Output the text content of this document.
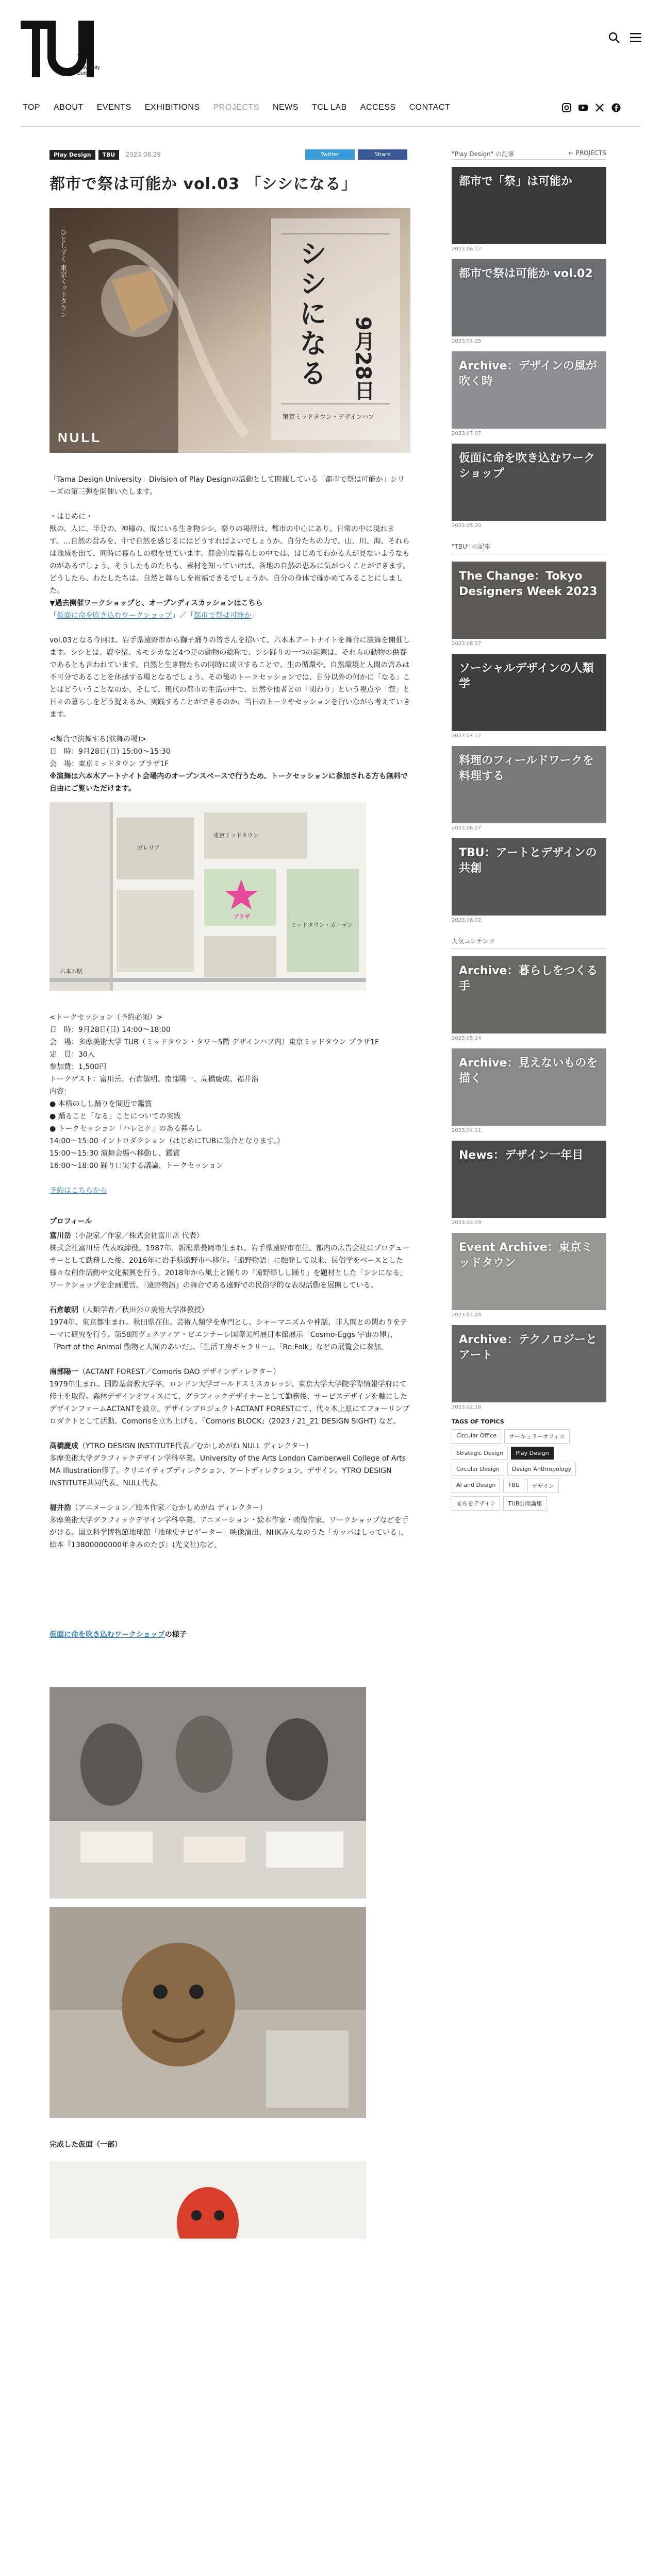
Tama
Design
University
Bureau
TOP ABOUT EVENTS EXHIBITIONS PROJECTS NEWS TCL LAB ACCESS CONTACT
Play Design	TBU	2023.08.29	Twitter	Share
都市で祭は可能か vol.03 「シシになる」
シシになる 9月28日
ひとしずく 東京ミッドタウン
NULL
東京ミッドタウン・デザインハブ

「Tama Design University」Division of Play Designの活動として開催している「都市で祭は可能か」シリーズの第三弾を開催いたします。

・はじめに・

獣の、人に、半分の、神様の、間にいる生き物シシ。祭りの場所は、都市の中心にあり、日常の中に現れます。…自然の営みを、中で自然を感じるにはどうすればよいでしょうか。自分たちの力で、山、川、海、それらは地域を出て、同時に暮らしの根を見ています。都会的な暮らしの中では、はじめてわかる人が見ないようなものがあるでしょう。そうしたものたちも、素材を知っていけば、各地の自然の恵みに気がつくことができます。どうしたら、わたしたちは、自然と暮らしを祝福できるでしょうか。自分の身体で確かめてみることにしました。

▼過去開催ワークショップと、オープンディスカッションはこちら

「仮面に命を吹き込むワークショップ」／「都市で祭は可能か」

vol.03となる今回は、岩手県遠野市から獅子踊りの皆さんを招いて、六本木アートナイトを舞台に演舞を開催します。シシとは、鹿や猪、カモシカなど4つ足の動物の総称で、シシ踊りの一つの起源は、それらの動物の供養であるとも言われています。自然と生き物たちの同時に成立することで、生の循環や、自然環境と人間の営みは不可分であることを体感する場となるでしょう。その後のトークセッションでは、自分以外の何かに「なる」ことはどういうことなのか、そして、現代の都市の生活の中で、自然や他者との「関わり」という視点や「祭」と日々の暮らしをどう捉えるか、実践することができるのか、当日のトークやセッションを行いながら考えていきます。

<舞台で演舞する(演舞の場)>

日　時：9月28日(日) 15:00〜15:30

会　場：東京ミッドタウン プラザ1F

※演舞は六本木アートナイト会場内のオープンスペースで行うため、トークセッションに参加される方も無料で自由にご覧いただけます。

東京ミッドタウン
ミッドタウン・ガーデン
プラザ
ガレリア
六本木駅

<トークセッション（予約必須）>

日　時：9月28日(日) 14:00〜18:00

会　場：多摩美術大学 TUB（ミッドタウン・タワー5階 デザインハブ内）東京ミッドタウン プラザ1F

定　員：30人

参加費：1,500円

トークゲスト：富川岳、石倉敏明、南部陽一、高橋慶成、福井浩

内容：

● 本格のしし踊りを間近で鑑賞

● 踊ること「なる」ことについての実践

● トークセッション「ハレとケ」のある暮らし

14:00〜15:00 イントロダクション（はじめにTUBに集合となります。）

15:00〜15:30 演舞会場へ移動し、鑑賞

16:00〜18:00 踊り口実する議論、トークセッション

予約はこちらから

プロフィール

富川岳（小説家／作家／株式会社富川岳 代表）

株式会社富川岳 代表取締役。1987年、新潟県長岡市生まれ。岩手県遠野市在住。都内の広告会社にプロデューサーとして勤務した後、2016年に岩手県遠野市へ移住。「遠野物語」に触発して以来、民俗学をベースとした様々な創作活動や文化振興を行う。2018年から風土と踊りの「遠野郷しし踊り」を題材とした「シシになる」ワークショップを企画運営。『遠野物語』の舞台である遠野での民俗学的な表現活動を展開している。

石倉敏明（人類学者／秋田公立美術大学准教授）

1974年、東京都生まれ。秋田県在住。芸術人類学を専門とし、シャーマニズムや神話、非人間との関わりをテーマに研究を行う。第58回ヴェネツィア・ビエンナーレ国際美術展日本館展示「Cosmo-Eggs 宇宙の卵」、「Part of the Animal 動物と人間のあいだ」、「生活工房ギャラリー」、「Re:Folk」などの展覧会に参加。

南部陽一（ACTANT FOREST／Comoris DAO デザインディレクター）

1979年生まれ。国際基督教大学卒。ロンドン大学ゴールドスミスカレッジ、東京大学大学院学際情報学府にて修士を取得。森林デザインオフィスにて、グラフィックデザイナーとして勤務後、サービスデザインを軸にしたデザインファームACTANTを設立。デザインプロジェクトACTANT FORESTにて、代々木上原にてフォーリンプロダクトとして活動。Comorisを立ち上げる。「Comoris BLOCK」(2023 / 21_21 DESIGN SIGHT) など。

高橋慶成（YTRO DESIGN INSTITUTE代表／むかしめがね NULL ディレクター）

多摩美術大学グラフィックデザイン学科卒業。University of the Arts London Camberwell College of Arts MA Illustration修了。クリエイティブディレクション、アートディレクション、デザイン。YTRO DESIGN INSTITUTE共同代表。NULL代表。

福井浩（アニメーション／絵本作家／むかしめがね ディレクター）

多摩美術大学グラフィックデザイン学科卒業。アニメーション・絵本作家・映像作家。ワークショップなどを手がける。国立科学博物館地球館「地球史ナビゲーター」映像演出、NHKみんなのうた「カッパはしっている」、絵本『13800000000年きみのたび』(光文社)など。

仮面に命を吹き込むワークショップの様子

完成した仮面（一部）

"Play Design" の記事	← PROJECTS
都市で「祭」は可能か
2023.06.12
都市で祭は可能か vol.02
2023.07.25
Archive：デザインの風が吹く時
2023.07.07
仮面に命を吹き込むワークショップ
2023.05.20
"TBU" の記事
The Change：Tokyo Designers Week 2023
2023.08.07
ソーシャルデザインの人類学
2023.07.17
料理のフィールドワークを料理する
2023.06.27
TBU：アートとデザインの共創
2023.06.02
人気コンテンツ
Archive：暮らしをつくる手
2023.05.14
Archive：見えないものを描く
2023.04.11
News：デザイン一年目
2023.03.29
Event Archive：東京ミッドタウン
2023.03.04
Archive：テクノロジーとアート
2023.02.18
TAGS OF TOPICS
Circular Office	サーキュラーオフィス
Strategic Design	Play Design
Circular Design	Design Anthropology
AI and Design	TBU	デザイン
まちをデザイン	TUB公開講座
